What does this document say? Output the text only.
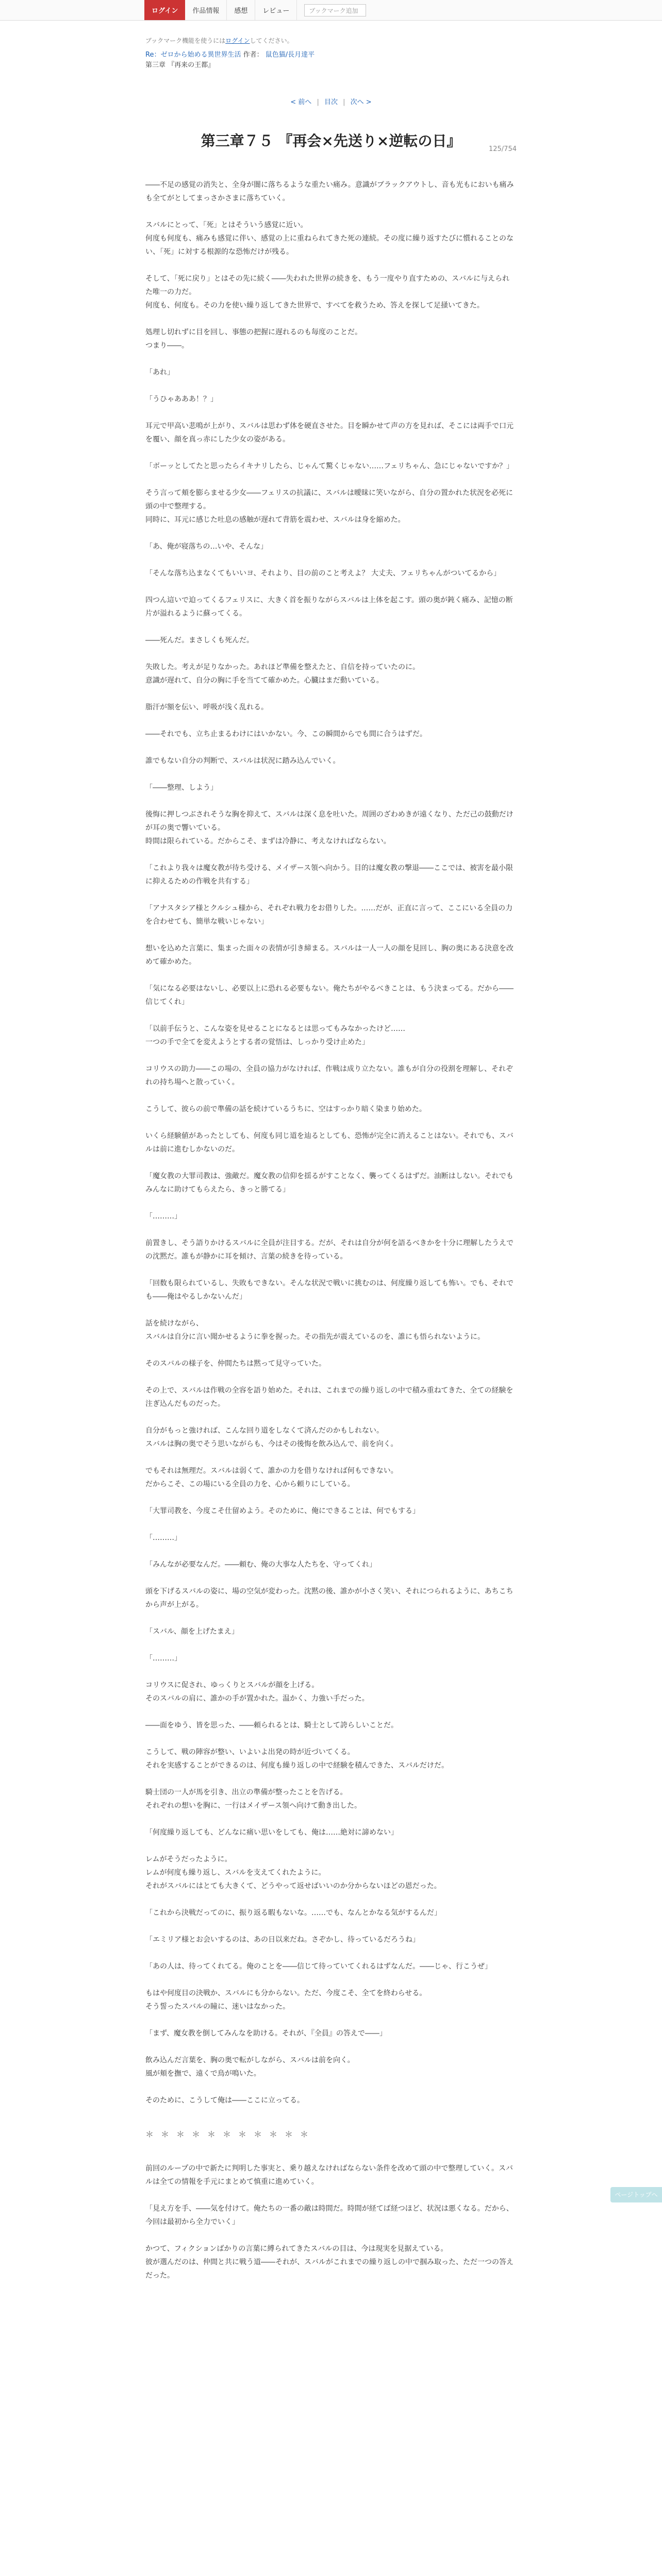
ログイン	作品情報	感想	レビュー	ブックマーク追加
ブックマーク機能を使うにはログインしてください。
Re：ゼロから始める異世界生活 作者： 鼠色猫/長月達平
第三章 『再来の王都』
< 前へ | 目次 | 次へ >
125/754
第三章７５ 『再会×先送り×逆転の日』

――不足の感覚の消失と、全身が闇に落ちるような重たい痛み。意識がブラックアウトし、音も光もにおいも痛みも全てがとしてまっさかさまに落ちていく。

スバルにとって、「死」とはそういう感覚に近い。
何度も何度も、痛みも感覚に伴い、感覚の上に重ねられてきた死の連続。その度に繰り返すたびに慣れることのない、「死」に対する根源的な恐怖だけが残る。

そして、「死に戻り」とはその先に続く――失われた世界の続きを、もう一度やり直すための、スバルに与えられた唯一の力だ。
何度も、何度も。その力を使い繰り返してきた世界で、すべてを救うため、答えを探して足掻いてきた。

処理し切れずに目を回し、事態の把握に遅れるのも毎度のことだ。
つまり――。

「あれ」

「うひゃあああ！？」

耳元で甲高い悲鳴が上がり、スバルは思わず体を硬直させた。目を瞬かせて声の方を見れば、そこには両手で口元を覆い、顔を真っ赤にした少女の姿がある。

「ボーッとしてたと思ったらイキナリしたら、じゃんて驚くじゃない……フェリちゃん、急にじゃないですか？」

そう言って頬を膨らませる少女――フェリスの抗議に、スバルは曖昧に笑いながら、自分の置かれた状況を必死に頭の中で整理する。
同時に、耳元に感じた吐息の感触が遅れて背筋を震わせ、スバルは身を縮めた。

「あ、俺が寝落ちの…いや、そんな」

「そんな落ち込まなくてもいいヨ、それより、目の前のこと考えよ？ 大丈夫、フェリちゃんがついてるから」

四つん這いで迫ってくるフェリスに、大きく首を振りながらスバルは上体を起こす。頭の奥が鈍く痛み、記憶の断片が溢れるように蘇ってくる。

――死んだ。まさしくも死んだ。

失敗した。考えが足りなかった。あれほど準備を整えたと、自信を持っていたのに。
意識が遅れて、自分の胸に手を当てて確かめた。心臓はまだ動いている。

脂汗が額を伝い、呼吸が浅く乱れる。

――それでも、立ち止まるわけにはいかない。今、この瞬間からでも間に合うはずだ。

誰でもない自分の判断で、スバルは状況に踏み込んでいく。

「――整理、しよう」

後悔に押しつぶされそうな胸を抑えて、スバルは深く息を吐いた。周囲のざわめきが遠くなり、ただ己の鼓動だけが耳の奥で響いている。
時間は限られている。だからこそ、まずは冷静に、考えなければならない。

「これより我々は魔女教が待ち受ける、メイザース領へ向かう。目的は魔女教の撃退――ここでは、被害を最小限に抑えるための作戦を共有する」

「アナスタシア様とクルシュ様から、それぞれ戦力をお借りした。……だが、正直に言って、ここにいる全員の力を合わせても、簡単な戦いじゃない」

想いを込めた言葉に、集まった面々の表情が引き締まる。スバルは一人一人の顔を見回し、胸の奥にある決意を改めて確かめた。

「気になる必要はないし、必要以上に恐れる必要もない。俺たちがやるべきことは、もう決まってる。だから――信じてくれ」

「以前手伝うと、こんな姿を見せることになるとは思ってもみなかったけど……
一つの手で全てを変えようとする者の覚悟は、しっかり受け止めた」

コリウスの助力――この場の、全員の協力がなければ、作戦は成り立たない。誰もが自分の役割を理解し、それぞれの持ち場へと散っていく。

こうして、彼らの前で準備の話を続けているうちに、空はすっかり暗く染まり始めた。

いくら経験値があったとしても、何度も同じ道を辿るとしても、恐怖が完全に消えることはない。それでも、スバルは前に進むしかないのだ。

「魔女教の大罪司教は、強敵だ。魔女教の信仰を揺るがすことなく、襲ってくるはずだ。油断はしない。それでもみんなに助けてもらえたら、きっと勝てる」

「………」

前置きし、そう語りかけるスバルに全員が注目する。だが、それは自分が何を語るべきかを十分に理解したうえでの沈黙だ。誰もが静かに耳を傾け、言葉の続きを待っている。

「回数も限られているし、失敗もできない。そんな状況で戦いに挑むのは、何度繰り返しても怖い。でも、それでも――俺はやるしかないんだ」

話を続けながら、
スバルは自分に言い聞かせるように拳を握った。その指先が震えているのを、誰にも悟られないように。

そのスバルの様子を、仲間たちは黙って見守っていた。

その上で、スバルは作戦の全容を語り始めた。それは、これまでの繰り返しの中で積み重ねてきた、全ての経験を注ぎ込んだものだった。

自分がもっと強ければ、こんな回り道をしなくて済んだのかもしれない。
スバルは胸の奥でそう思いながらも、今はその後悔を飲み込んで、前を向く。

でもそれは無理だ。スバルは弱くて、誰かの力を借りなければ何もできない。
だからこそ、この場にいる全員の力を、心から頼りにしている。

「大罪司教を、今度こそ仕留めよう。そのために、俺にできることは、何でもする」

「………」

「みんなが必要なんだ。――頼む、俺の大事な人たちを、守ってくれ」

頭を下げるスバルの姿に、場の空気が変わった。沈黙の後、誰かが小さく笑い、それにつられるように、あちこちから声が上がる。

「スバル、顔を上げたまえ」

「………」

コリウスに促され、ゆっくりとスバルが顔を上げる。
そのスバルの肩に、誰かの手が置かれた。温かく、力強い手だった。

――面をゆう、皆を思った、――頼られるとは、騎士として誇らしいことだ。

こうして、戦の陣容が整い、いよいよ出発の時が近づいてくる。
それを実感することができるのは、何度も繰り返しの中で経験を積んできた、スバルだけだ。

騎士団の一人が馬を引き、出立の準備が整ったことを告げる。
それぞれの想いを胸に、一行はメイザース領へ向けて動き出した。

「何度繰り返しても、どんなに痛い思いをしても、俺は……絶対に諦めない」

レムがそうだったように。
レムが何度も繰り返し、スバルを支えてくれたように。
それがスバルにはとても大きくて、どうやって返せばいいのか分からないほどの恩だった。

「これから決戦だってのに、振り返る暇もないな。……でも、なんとかなる気がするんだ」

「エミリア様とお会いするのは、あの日以来だね。さぞかし、待っているだろうね」

「あの人は、待ってくれてる。俺のことを――信じて待っていてくれるはずなんだ。――じゃ、行こうぜ」

もはや何度目の決戦か、スバルにも分からない。ただ、今度こそ、全てを終わらせる。
そう誓ったスバルの瞳に、迷いはなかった。

「まず、魔女教を倒してみんなを助ける。それが、『全員』の答えで――」

飲み込んだ言葉を、胸の奥で転がしながら、スバルは前を向く。
風が頬を撫で、遠くで鳥が鳴いた。

そのために、こうして俺は――ここに立ってる。

＊＊＊＊＊＊＊＊＊＊＊

前回のループの中で新たに判明した事実と、乗り越えなければならない条件を改めて頭の中で整理していく。スバルは全ての情報を手元にまとめて慎重に進めていく。

「見え方を手、――気を付けて。俺たちの一番の敵は時間だ。時間が経てば経つほど、状況は悪くなる。だから、今回は最初から全力でいく」

かつて、フィクションばかりの言葉に縛られてきたスバルの目は、今は現実を見据えている。
彼が選んだのは、仲間と共に戦う道――それが、スバルがこれまでの繰り返しの中で掴み取った、ただ一つの答えだった。

ページトップへ
